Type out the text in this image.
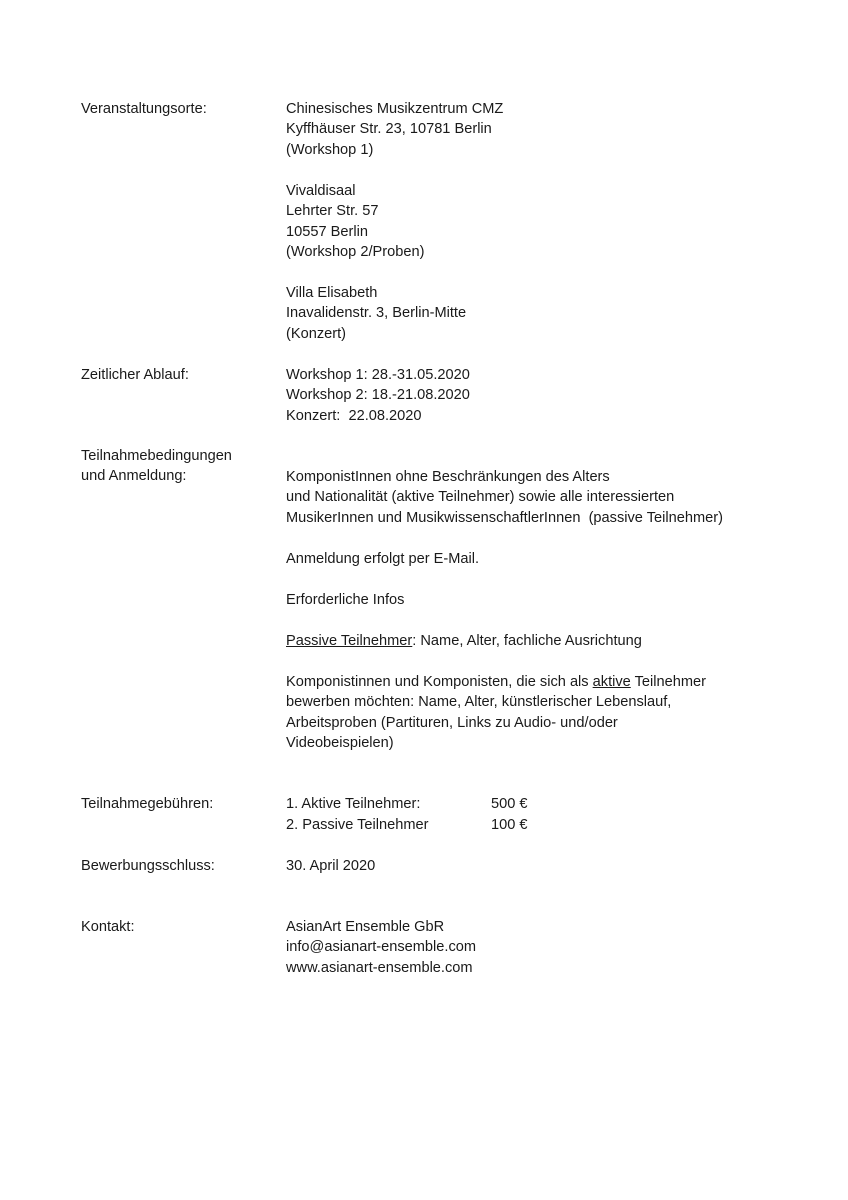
Veranstaltungsorte:	Chinesisches Musikzentrum CMZ
Kyffhäuser Str. 23, 10781 Berlin
(Workshop 1)
Vivaldisaal
Lehrter Str. 57
10557 Berlin
(Workshop 2/Proben)
Villa Elisabeth
Inavalidenstr. 3, Berlin-Mitte
(Konzert)
Zeitlicher Ablauf:	Workshop 1: 28.-31.05.2020
Workshop 2: 18.-21.08.2020
Konzert:  22.08.2020
Teilnahmebedingungen
und Anmeldung:	KomponistInnen ohne Beschränkungen des Alters
und Nationalität (aktive Teilnehmer) sowie alle interessierten
MusikerInnen und MusikwissenschaftlerInnen  (passive Teilnehmer)
Anmeldung erfolgt per E-Mail.
Erforderliche Infos
Passive Teilnehmer: Name, Alter, fachliche Ausrichtung
Komponistinnen und Komponisten, die sich als aktive Teilnehmer
bewerben möchten: Name, Alter, künstlerischer Lebenslauf,
Arbeitsproben (Partituren, Links zu Audio- und/oder
Videobeispielen)
Teilnahmegebühren:	1. Aktive Teilnehmer:	500 €
2. Passive Teilnehmer	100 €
Bewerbungsschluss:	30. April 2020
Kontakt:	AsianArt Ensemble GbR
info@asianart-ensemble.com
www.asianart-ensemble.com
